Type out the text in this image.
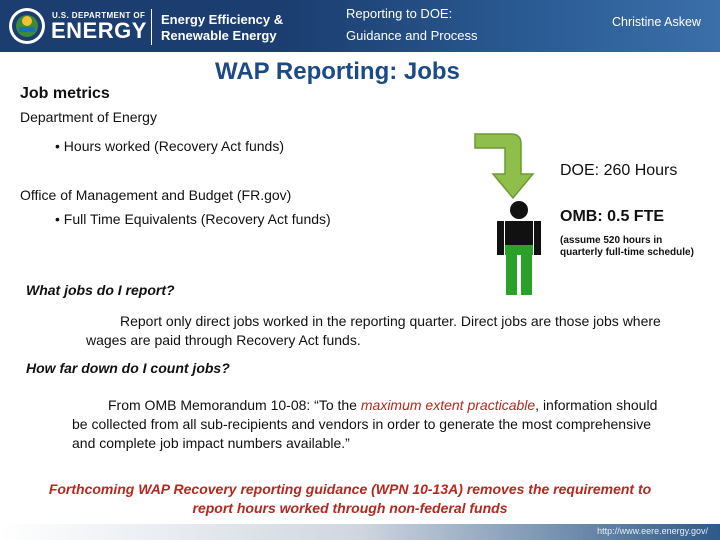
U.S. DEPARTMENT OF
ENERGY Energy Efficiency &
Renewable Energy
Reporting to DOE:
Guidance and Process
Christine Askew
WAP Reporting: Jobs
Job metrics
Department of Energy
• Hours worked (Recovery Act funds)
Office of Management and Budget (FR.gov)
• Full Time Equivalents (Recovery Act funds)
DOE: 260 Hours
OMB: 0.5 FTE
(assume 520 hours in quarterly full-time schedule)
What jobs do I report?
Report only direct jobs worked in the reporting quarter. Direct jobs are those jobs where wages are paid through Recovery Act funds.
How far down do I count jobs?
From OMB Memorandum 10-08: “To the maximum extent practicable, information should be collected from all sub-recipients and vendors in order to generate the most comprehensive and complete job impact numbers available.”
Forthcoming WAP Recovery reporting guidance (WPN 10-13A) removes the requirement to report hours worked through non-federal funds
http://www.eere.energy.gov/
